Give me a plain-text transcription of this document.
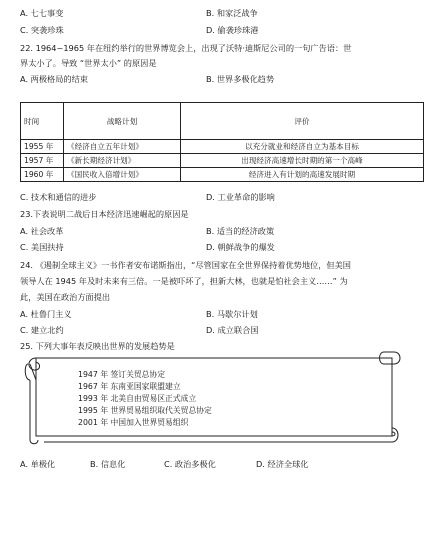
A. 七七事变	B. 和家泛战争
C. 突袭珍珠	D. 偷袭珍珠港
22. 1964~1965 年在纽约举行的世界博览会上，出现了沃特·迪斯尼公司的一句广告语：世
界太小了。导致 “世界太小” 的原因是
A. 两极格局的结束	B. 世界多极化趋势
时间	战略计划	评价
1955 年	《经济自立五年计划》	以充分就业和经济自立为基本目标
1957 年	《新长期经济计划》	出现经济高速增长时期的第一个高峰
1960 年	《国民收入倍增计划》	经济进入有计划的高速发展时期
C. 技术和通信的进步	D. 工业革命的影响
23.下表说明二战后日本经济迅速崛起的原因是
A. 社会改革	B. 适当的经济政策
C. 美国扶持	D. 朝鲜战争的爆发
24. 《遏制全球主义》一书作者安布诺斯指出，“尽管国家在全世界保持着优势地位，但美国
领导人在 1945 年及时未来有三倍。一是被吓坏了，担新大林，也就是怕社会主义……” 为
此，美国在政治方面提出
A. 杜鲁门主义	B. 马歇尔计划
C. 建立北约	D. 成立联合国
25. 下列大事年表反映出世界的发展趋势是
1947 年 签订关贸总协定
1967 年 东南亚国家联盟建立
1993 年 北美自由贸易区正式成立
1995 年 世界贸易组织取代关贸总协定
2001 年 中国加入世界贸易组织
A. 单极化	B. 信息化	C. 政治多极化	D. 经济全球化
